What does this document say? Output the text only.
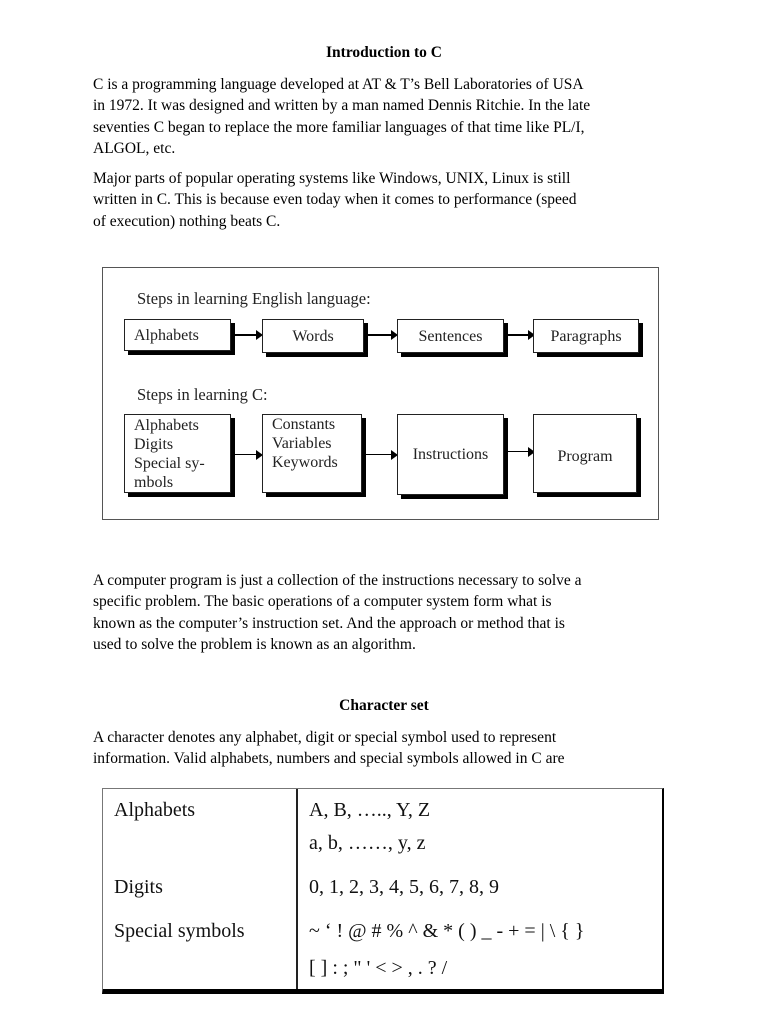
Introduction to C
C is a programming language developed at AT & T’s Bell Laboratories of USA
in 1972. It was designed and written by a man named Dennis Ritchie. In the late
seventies C began to replace the more familiar languages of that time like PL/I,
ALGOL, etc.
Major parts of popular operating systems like Windows, UNIX, Linux is still
written in C. This is because even today when it comes to performance (speed
of execution) nothing beats C.
Steps in learning English language:
Alphabets	Words	Sentences	Paragraphs
Steps in learning C:
Alphabets
Digits
Special sy-
mbols
Constants
Variables
Keywords	Instructions	Program
A computer program is just a collection of the instructions necessary to solve a
specific problem. The basic operations of a computer system form what is
known as the computer’s instruction set. And the approach or method that is
used to solve the problem is known as an algorithm.
Character set
A character denotes any alphabet, digit or special symbol used to represent
information. Valid alphabets, numbers and special symbols allowed in C are
Alphabets	A, B, ….., Y, Z
a, b, ……, y, z
Digits	0, 1, 2, 3, 4, 5, 6, 7, 8, 9
Special symbols	~ ‘ ! @ # % ^ & * ( ) _ - + = | \ { }
[ ] : ; " ' < > , . ? /
